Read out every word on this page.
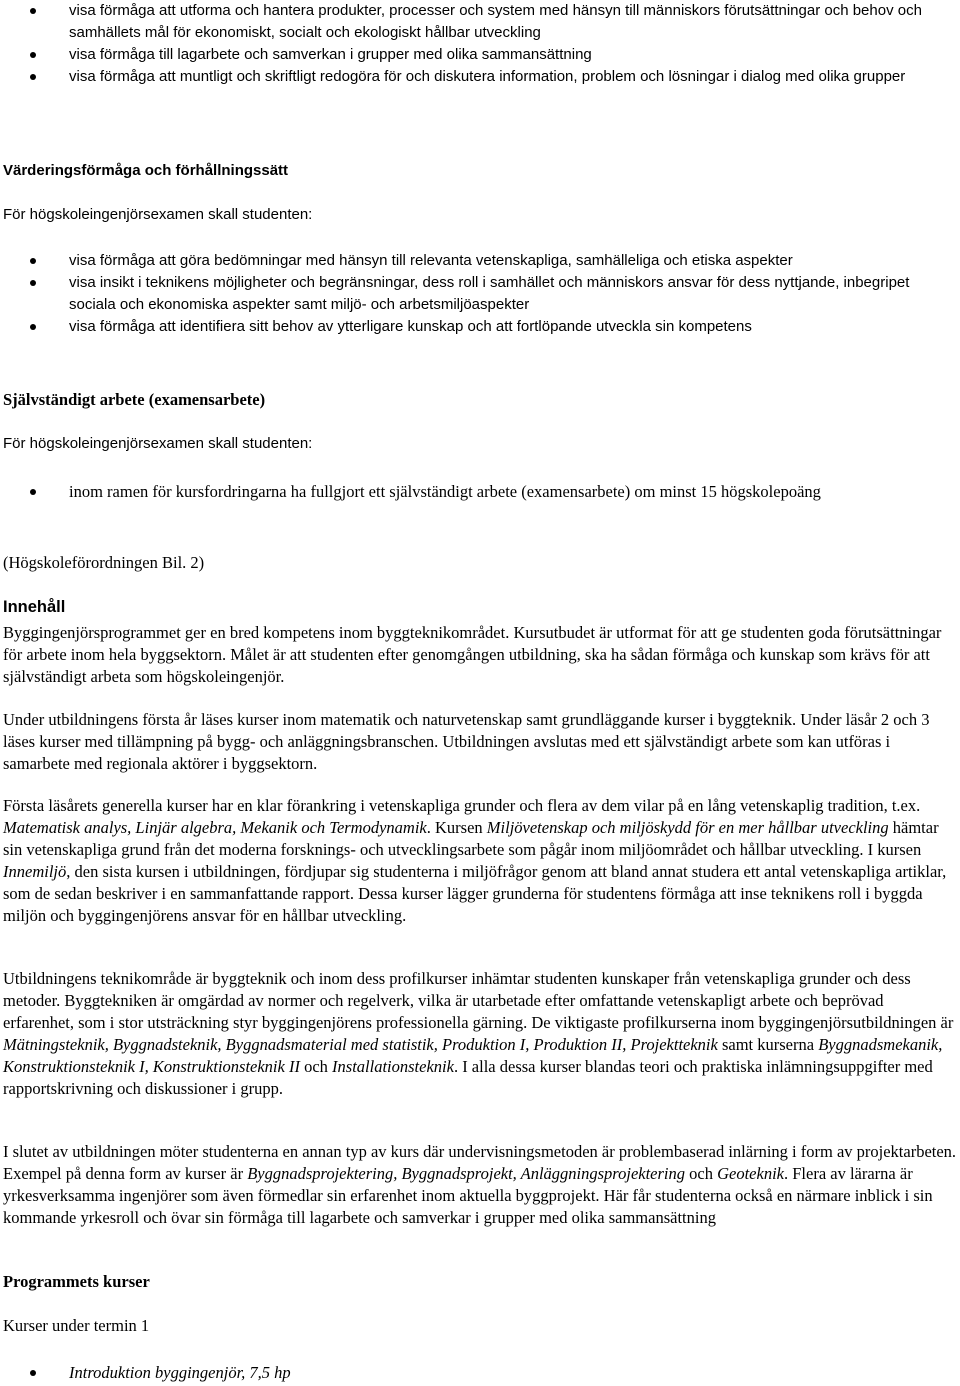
visa förmåga att utforma och hantera produkter, processer och system med hänsyn till människors förutsättningar och behov och samhällets mål för ekonomiskt, socialt och ekologiskt hållbar utveckling
visa förmåga till lagarbete och samverkan i grupper med olika sammansättning
visa förmåga att muntligt och skriftligt redogöra för och diskutera information, problem och lösningar i dialog med olika grupper
Värderingsförmåga och förhållningssätt
För högskoleingenjörsexamen skall studenten:
visa förmåga att göra bedömningar med hänsyn till relevanta vetenskapliga, samhälleliga och etiska aspekter
visa insikt i teknikens möjligheter och begränsningar, dess roll i samhället och människors ansvar för dess nyttjande, inbegripet sociala och ekonomiska aspekter samt miljö- och arbetsmiljöaspekter
visa förmåga att identifiera sitt behov av ytterligare kunskap och att fortlöpande utveckla sin kompetens
Självständigt arbete (examensarbete)
För högskoleingenjörsexamen skall studenten:
inom ramen för kursfordringarna ha fullgjort ett självständigt arbete (examensarbete) om minst 15 högskolepoäng
(Högskoleförordningen Bil. 2)
Innehåll

Byggingenjörsprogrammet ger en bred kompetens inom byggteknikområdet. Kursutbudet är utformat för att ge studenten goda förutsättningar för arbete inom hela byggsektorn. Målet är att studenten efter genomgången utbildning, ska ha sådan förmåga och kunskap som krävs för att självständigt arbeta som högskoleingenjör.

Under utbildningens första år läses kurser inom matematik och naturvetenskap samt grundläggande kurser i byggteknik. Under läsår 2 och 3 läses kurser med tillämpning på bygg- och anläggningsbranschen. Utbildningen avslutas med ett självständigt arbete som kan utföras i samarbete med regionala aktörer i byggsektorn.

Första läsårets generella kurser har en klar förankring i vetenskapliga grunder och flera av dem vilar på en lång vetenskaplig tradition, t.ex. Matematisk analys, Linjär algebra, Mekanik och Termodynamik. Kursen Miljövetenskap och miljöskydd för en mer hållbar utveckling hämtar sin vetenskapliga grund från det moderna forsknings- och utvecklingsarbete som pågår inom miljöområdet och hållbar utveckling. I kursen Innemiljö, den sista kursen i utbildningen, fördjupar sig studenterna i miljöfrågor genom att bland annat studera ett antal vetenskapliga artiklar, som de sedan beskriver i en sammanfattande rapport. Dessa kurser lägger grunderna för studentens förmåga att inse teknikens roll i byggda miljön och byggingenjörens ansvar för en hållbar utveckling.

Utbildningens teknikområde är byggteknik och inom dess profilkurser inhämtar studenten kunskaper från vetenskapliga grunder och dess metoder. Byggtekniken är omgärdad av normer och regelverk, vilka är utarbetade efter omfattande vetenskapligt arbete och beprövad erfarenhet, som i stor utsträckning styr byggingenjörens professionella gärning. De viktigaste profilkurserna inom byggingenjörsutbildningen är Mätningsteknik, Byggnadsteknik, Byggnadsmaterial med statistik, Produktion I, Produktion II, Projektteknik samt kurserna Byggnadsmekanik, Konstruktionsteknik I, Konstruktionsteknik II och Installationsteknik. I alla dessa kurser blandas teori och praktiska inlämningsuppgifter med rapportskrivning och diskussioner i grupp.

I slutet av utbildningen möter studenterna en annan typ av kurs där undervisningsmetoden är problembaserad inlärning i form av projektarbeten. Exempel på denna form av kurser är Byggnadsprojektering, Byggnadsprojekt, Anläggningsprojektering och Geoteknik. Flera av lärarna är yrkesverksamma ingenjörer som även förmedlar sin erfarenhet inom aktuella byggprojekt. Här får studenterna också en närmare inblick i sin kommande yrkesroll och övar sin förmåga till lagarbete och samverkar i grupper med olika sammansättning

Programmets kurser
Kurser under termin 1
Introduktion byggingenjör, 7,5 hp
